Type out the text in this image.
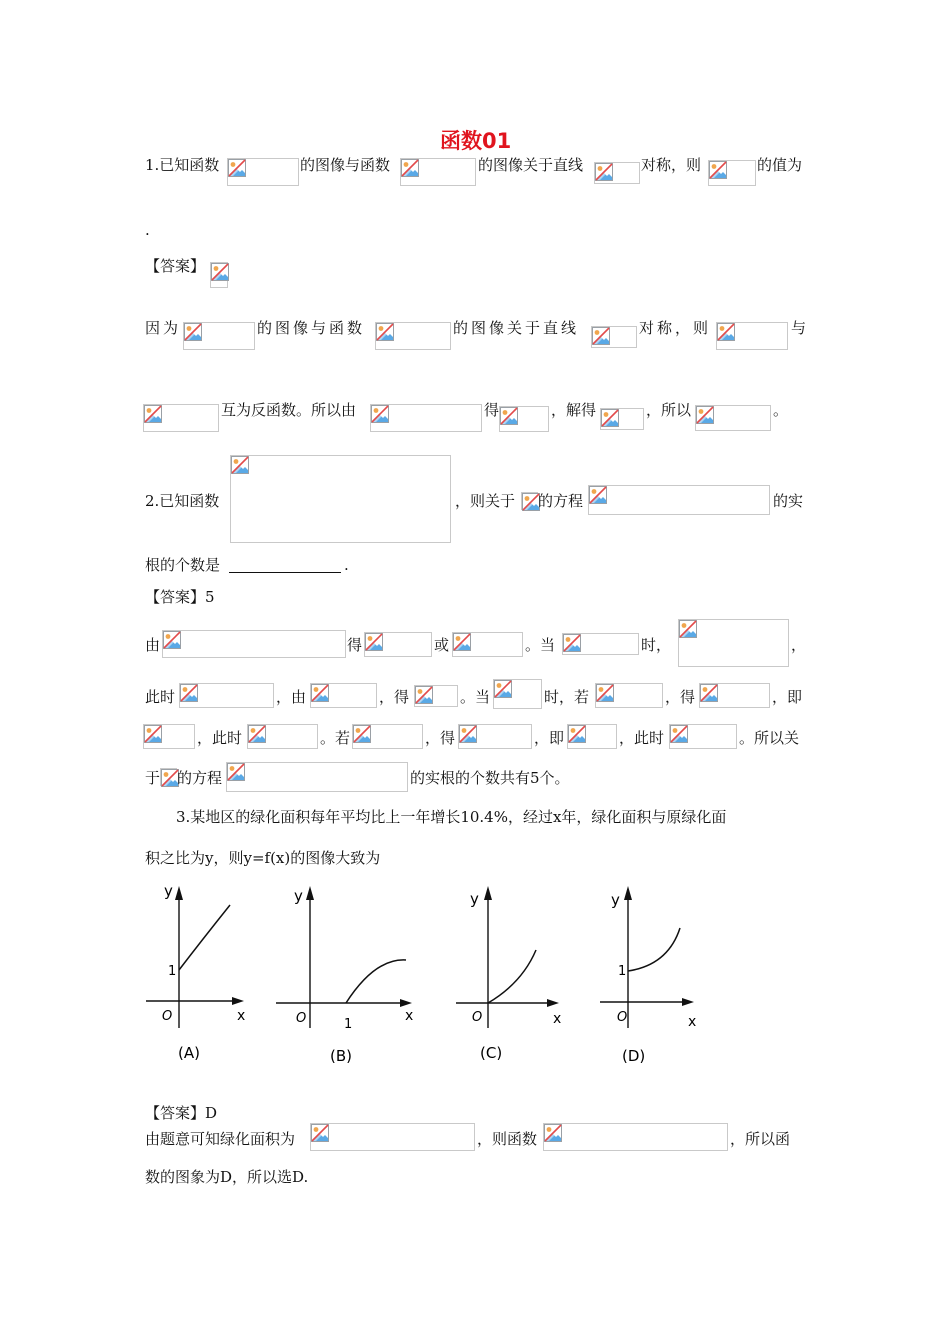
函数01
1.已知函数	的图像与函数	的图像关于直线	对称，则	的值为
.
【答案】
因为	的图像与函数	的图像关于直线	对称，则	与
互为反函数。所以由	得	，解得	，所以	。
2.已知函数	，则关于 的方程	的实
根的个数是	.
【答案】5
由	得	或	。当	时，	，
此时	，由	，得	。当	时，若	，得	，即
，此时	。若	，得	，即	，此时	。所以关
于 的方程	的实根的个数共有5个。
3.某地区的绿化面积每年平均比上一年增长10.4%，经过x年，绿化面积与原绿化面
积之比为y，则y=f(x)的图像大致为
y
1
O	x
(A)
y
O	1
x
(B)
y
O	x
(C)
y
1
O	x
(D)
【答案】D
由题意可知绿化面积为	，则函数	，所以函
数的图象为D，所以选D.
